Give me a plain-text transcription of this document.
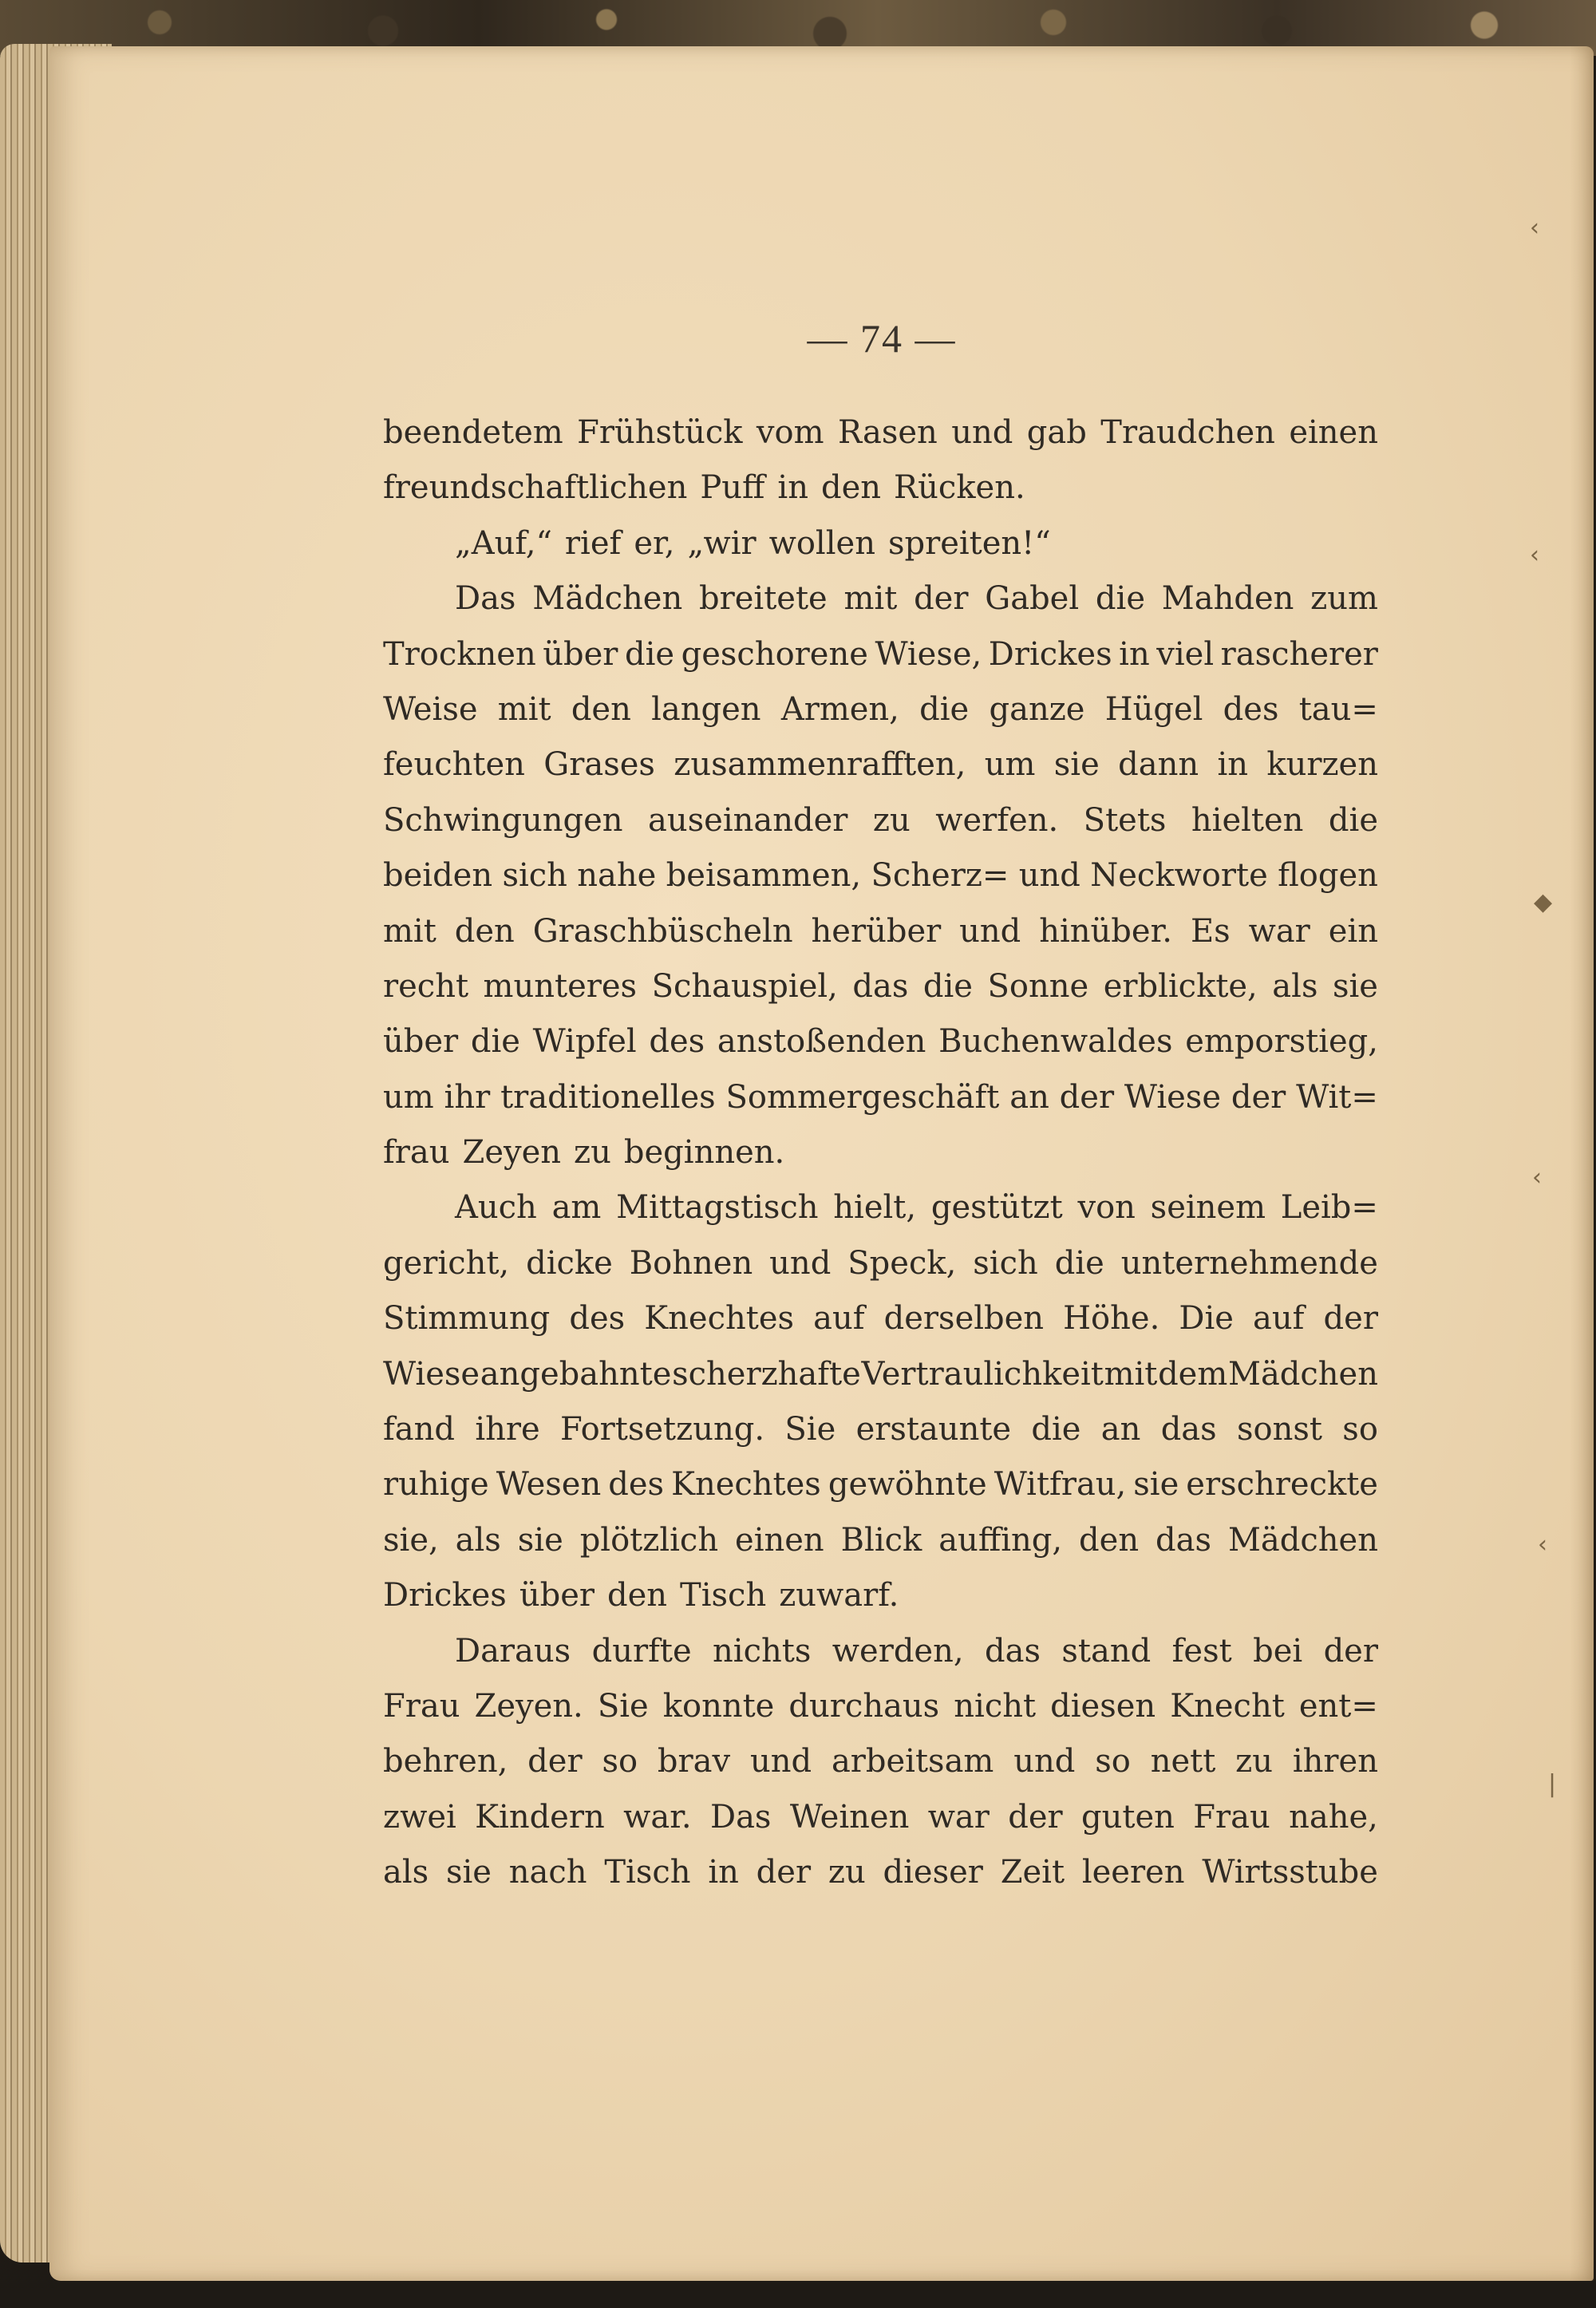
‹
‹
◆
‹
‹
|
— 74 —
beendetem Frühstück vom Rasen und gab Traudchen einen
freundschaftlichen Puff in den Rücken.
„Auf,“ rief er, „wir wollen spreiten!“
Das Mädchen breitete mit der Gabel die Mahden zum
Trocknen über die geschorene Wiese, Drickes in viel rascherer
Weise mit den langen Armen, die ganze Hügel des tau=
feuchten Grases zusammenrafften, um sie dann in kurzen
Schwingungen auseinander zu werfen. Stets hielten die
beiden sich nahe beisammen, Scherz= und Neckworte flogen
mit den Graschbüscheln herüber und hinüber. Es war ein
recht munteres Schauspiel, das die Sonne erblickte, als sie
über die Wipfel des anstoßenden Buchenwaldes emporstieg,
um ihr traditionelles Sommergeschäft an der Wiese der Wit=
frau Zeyen zu beginnen.
Auch am Mittagstisch hielt, gestützt von seinem Leib=
gericht, dicke Bohnen und Speck, sich die unternehmende
Stimmung des Knechtes auf derselben Höhe. Die auf der
Wiese angebahnte scherzhafte Vertraulichkeit mit dem Mädchen
fand ihre Fortsetzung. Sie erstaunte die an das sonst so
ruhige Wesen des Knechtes gewöhnte Witfrau, sie erschreckte
sie, als sie plötzlich einen Blick auffing, den das Mädchen
Drickes über den Tisch zuwarf.
Daraus durfte nichts werden, das stand fest bei der
Frau Zeyen. Sie konnte durchaus nicht diesen Knecht ent=
behren, der so brav und arbeitsam und so nett zu ihren
zwei Kindern war. Das Weinen war der guten Frau nahe,
als sie nach Tisch in der zu dieser Zeit leeren Wirtsstube
